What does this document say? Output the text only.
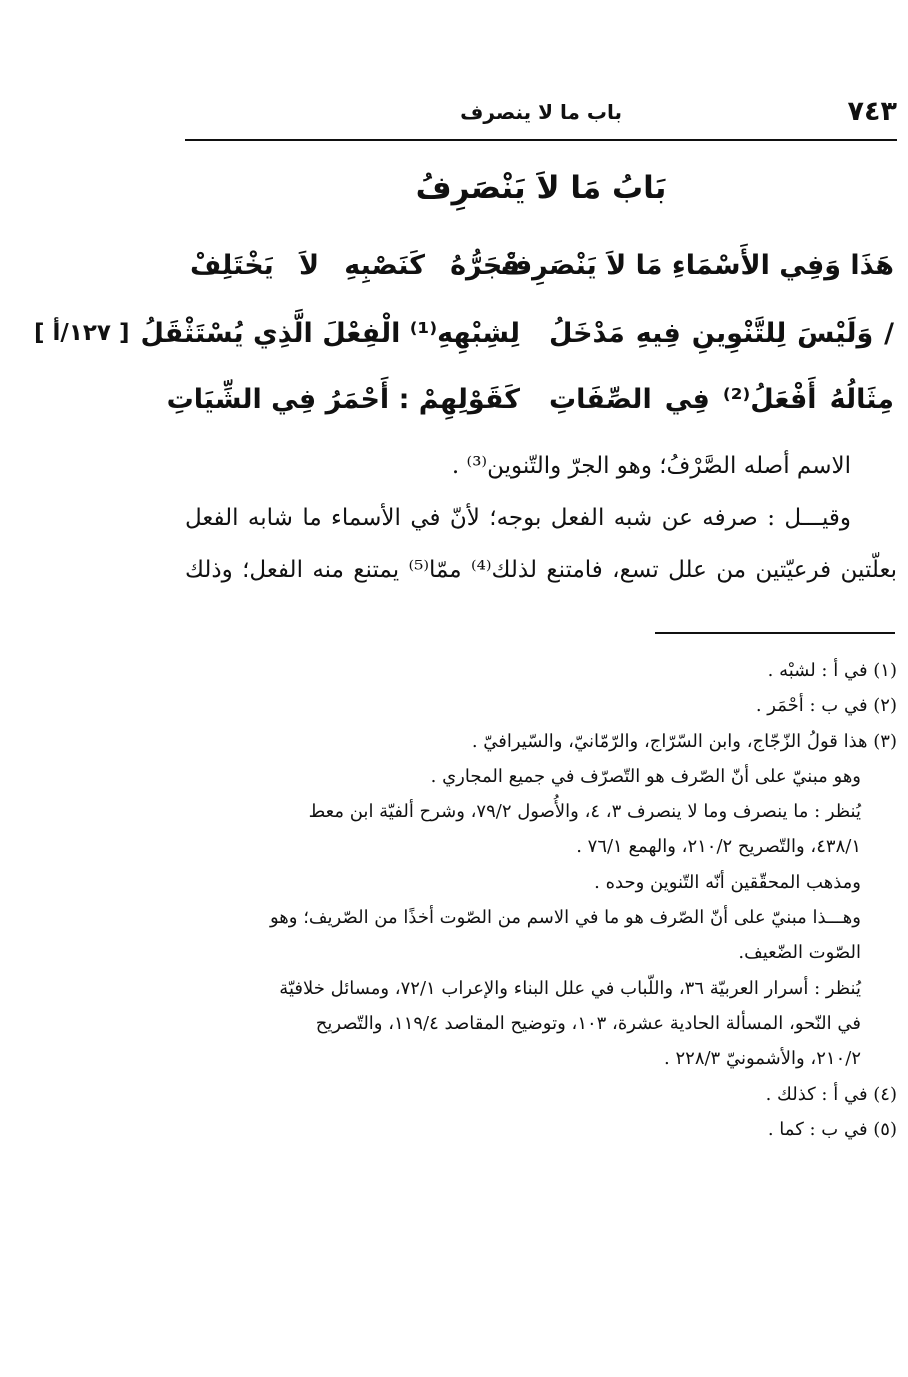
٧٤٣
باب ما لا ينصرف
بَابُ مَا لاَ يَنْصَرِفُ
[ ١٢٧/أ ]
هَذَا وَفِي الأَسْمَاءِ مَا لاَ يَنْصَرِفْ
فَجَرُّهُ كَنَصْبِهِ لاَ يَخْتَلِفْ
/ وَلَيْسَ لِلتَّنْوِينِ فِيهِ مَدْخَلُ
لِشِبْهِهِ⁽¹⁾ الْفِعْلَ الَّذِي يُسْتَثْقَلُ
مِثَالُهُ أَفْعَلُ⁽²⁾ فِي الصِّفَاتِ
كَقَوْلِهِمْ : أَحْمَرُ فِي الشِّيَاتِ

الاسم أصله الصَّرْفُ؛ وهو الجرّ والتّنوين⁽³⁾ .

وقيـــل : صرفه عن شبه الفعل بوجه؛ لأنّ في الأسماء ما شابه الفعل

بعلّتين فرعيّتين من علل تسع، فامتنع لذلك⁽⁴⁾ ممّا⁽⁵⁾ يمتنع منه الفعل؛ وذلك

(١) في أ : لشبْه .

(٢) في ب : أحْمَر .

(٣) هذا قولُ الزّجّاج، وابن السّرّاج، والرّمّانيّ، والسّيرافيّ .

وهو مبنيّ على أنّ الصّرف هو التّصرّف في جميع المجاري .

يُنظر : ما ينصرف وما لا ينصرف ٣، ٤، والأُصول ٧٩/٢، وشرح ألفيّة ابن معط

٤٣٨/١، والتّصريح ٢١٠/٢، والهمع ٧٦/١ .

ومذهب المحقّقين أنّه التّنوين وحده .

وهـــذا مبنيّ على أنّ الصّرف هو ما في الاسم من الصّوت أخذًا من الصّريف؛ وهو

الصّوت الضّعيف.

يُنظر : أسرار العربيّة ٣٦، واللّباب في علل البناء والإعراب ٧٢/١، ومسائل خلافيّة

في النّحو، المسألة الحادية عشرة، ١٠٣، وتوضيح المقاصد ١١٩/٤، والتّصريح

٢١٠/٢، والأشمونيّ ٢٢٨/٣ .

(٤) في أ : كذلك .

(٥) في ب : كما .
